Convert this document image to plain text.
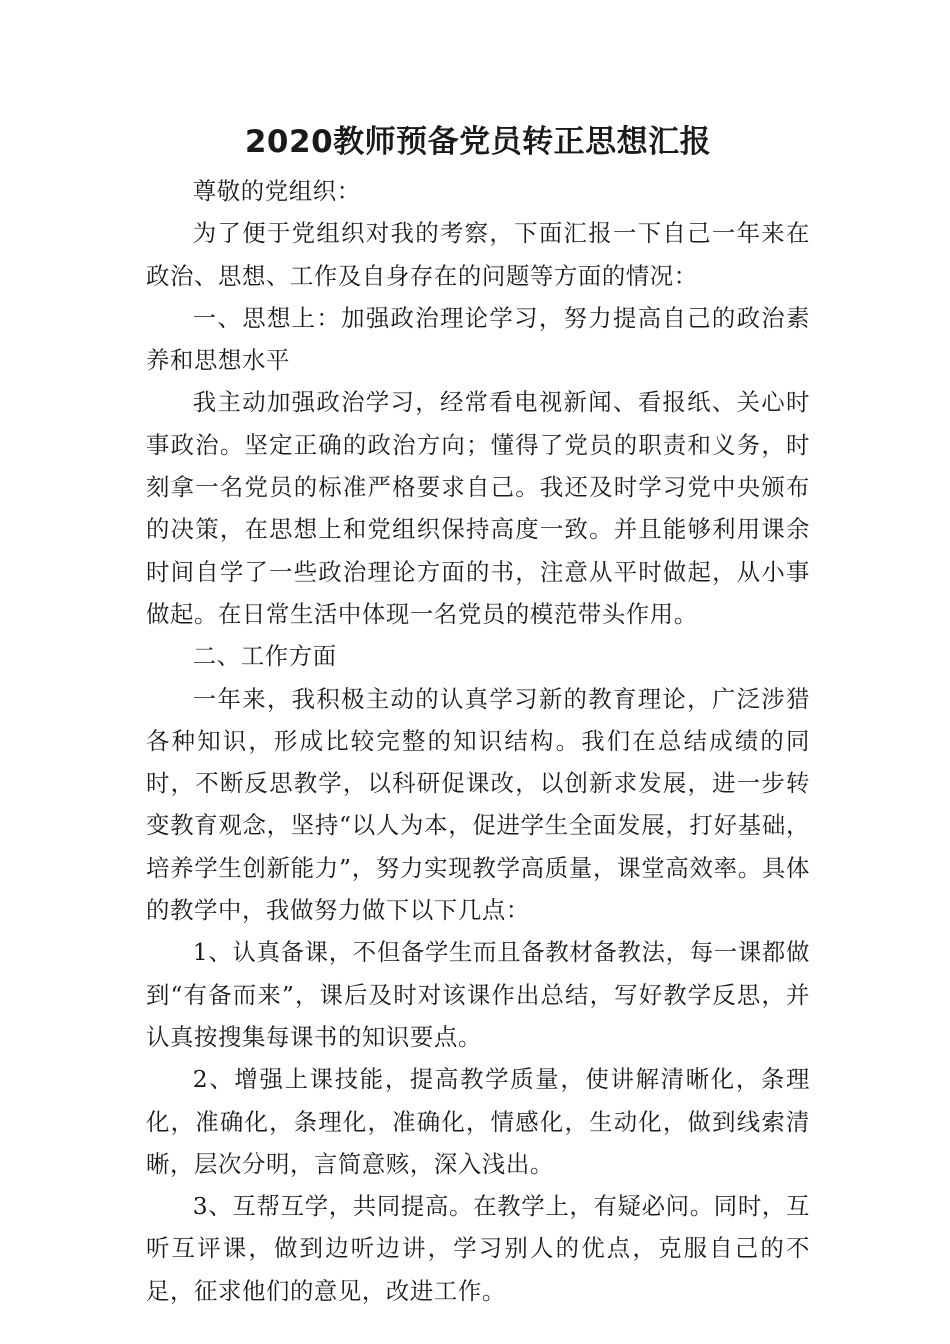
2020教师预备党员转正思想汇报

尊敬的党组织：

为了便于党组织对我的考察，下面汇报一下自己一年来在政治、思想、工作及自身存在的问题等方面的情况：

一、思想上：加强政治理论学习，努力提高自己的政治素养和思想水平

我主动加强政治学习，经常看电视新闻、看报纸、关心时事政治。坚定正确的政治方向；懂得了党员的职责和义务，时刻拿一名党员的标准严格要求自己。我还及时学习党中央颁布的决策，在思想上和党组织保持高度一致。并且能够利用课余时间自学了一些政治理论方面的书，注意从平时做起，从小事做起。在日常生活中体现一名党员的模范带头作用。

二、工作方面

一年来，我积极主动的认真学习新的教育理论，广泛涉猎各种知识，形成比较完整的知识结构。我们在总结成绩的同时，不断反思教学，以科研促课改，以创新求发展，进一步转变教育观念，坚持“以人为本，促进学生全面发展，打好基础，培养学生创新能力”，努力实现教学高质量，课堂高效率。具体的教学中，我做努力做下以下几点：

1、认真备课，不但备学生而且备教材备教法，每一课都做到“有备而来”，课后及时对该课作出总结，写好教学反思，并认真按搜集每课书的知识要点。

2、增强上课技能，提高教学质量，使讲解清晰化，条理化，准确化，条理化，准确化，情感化，生动化，做到线索清晰，层次分明，言简意赅，深入浅出。

3、互帮互学，共同提高。在教学上，有疑必问。同时，互听互评课，做到边听边讲，学习别人的优点，克服自己的不足，征求他们的意见，改进工作。
